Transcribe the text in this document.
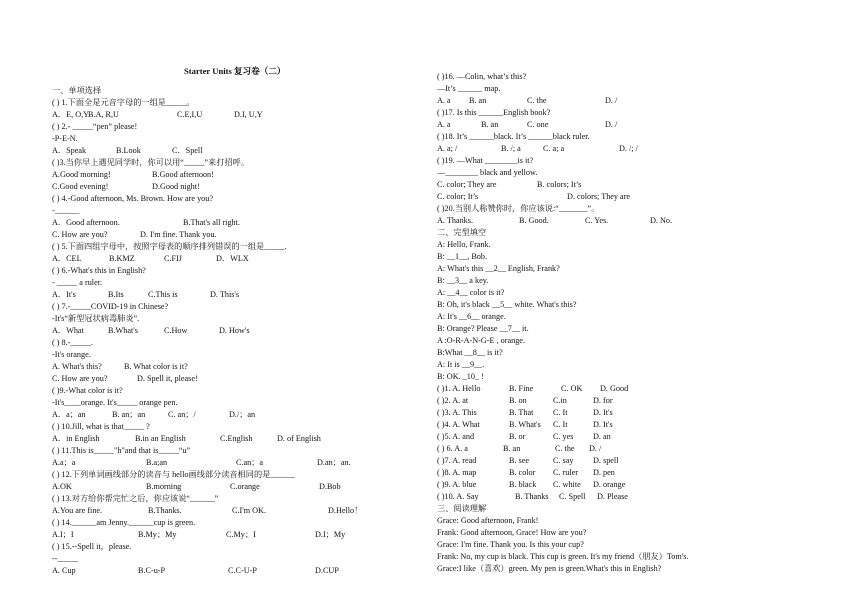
Starter Units 复习卷（二）
一、单项选择
( ) 1.下面全是元音字母的一组是_____。
A．E, O,Y
B.A, R,U	C.E,I,U	D.I, U,Y
( ) 2.- _____“pen” please!
-P-E-N.
A．Speak	B.Look	C．Spell
( )3.当你早上遇见同学时，你可以用“_____”来打招呼。
A.Good morning!	B.Good afternoon!
C.Good evening!	D.Good night!
( ) 4.-Good afternoon, Ms. Brown. How are you?
-______
A．Good afternoon.	B.That's all right.
C. How are you?	D. I'm fine. Thank you.
( ) 5.下面四组字母中，按照字母表的顺序排列错误的一组是_____.
A．CEL	B.KMZ	C.FIJ	D．WLX
( ) 6.-What's this in English?
- _____ a ruler.
A．It's	B.Its	C.This is	D. This's
( ) 7.-_____COVID-19 in Chinese?
-It's“新型冠状病毒肺炎”.
A．What	B.What's	C.How	D. How's
( ) 8.-_____.
-It's orange.
A. What's this?	B. What color is it?
C. How are you?	D. Spell it, please!
( )9.-What color is it?
-It's____orange. It's_____ orange pen.
A．a；an	B. an；an	C. an；/	D./；an
( ) 10.Jill, what is that_____ ?
A．in English	B.in an English	C.English	D. of English
( ) 11.This is_____"h"and that is_____“u”
A.a；a	B.a;an	C.an；a	D.an；an.
( ) 12.下列单词画线部分的读音与 hello画线部分读音相同的是______
A.OK	B.morning	C.orange	D.Bob
( ) 13.对方给你帮完忙之后，你应该说“______”
A.You are fine.	B.Thanks.	C.I'm OK.	D.Hello！
( ) 14.______am Jenny.______cup is green.
A.I；I	B.My；My	C.My；I	D.I；My
( ) 15.--Spell it，please.
--_____
A. Cup	B.C-u-P	C.C-U-P	D.CUP
( )16. —Colin, what’s this?
—It’s ______ map.
A. a B. an	C. the	D. /
( )17. Is this ______English book?
A. a	B. an	C. one	D. /
( )18. It’s ______black. It’s ______black ruler.
A. a; /	B. /; a	C. a; a	D. /; /
( )19. —What ________is it?
—________ black and yellow.
C. color; They are	B. colors; It’s
C. color; It’s	D. colors; They are
( )20.当别人称赞你时，你应该说:“_______”。
A. Thanks.	B. Good.	C. Yes.	D. No.
二、完型填空
A: Hello, Frank.
B: __1__, Bob.
A: What's this __2__ English, Frank?
B: __3__ a key.
A: __4__ color is it?
B: Oh, it's black __5__ white. What's this?
A: It's __6__ orange.
B: Orange? Please __7__ it.
A :O-R-A-N-G-E , orange.
B:What __8__ is it?
A: It is __9__.
B: OK. _10_ !
( )1. A. Hello	B. Fine	C. OK D. Good
( )2. A. at	B. on	C.in	D. for
( )3. A. This	B. That C. It	D. It's
( )4. A. What	B. What's C. It	D. It's
( )5. A. and	B. or	C. yes D. an
( ) 6. A. a	B. an	C. the D. /
( )7. A. read	B. see	C. say D. spell
( )8. A. map	B. color C. ruler D. pen
( )9. A. blue	B. black C. white D. orange
( )10. A. Say	B. Thanks C. Spell D. Please
三、阅读理解
Grace: Good afternoon, Frank!
Frank: Good afternoon, Grace! How are you?
Grace: I'm fine. Thank you. Is this your cup?
Frank: No, my cup is black. This cup is green. It's my friend（朋友）Tom's.
Grace:I like（喜欢）green. My pen is green.What's this in English?
